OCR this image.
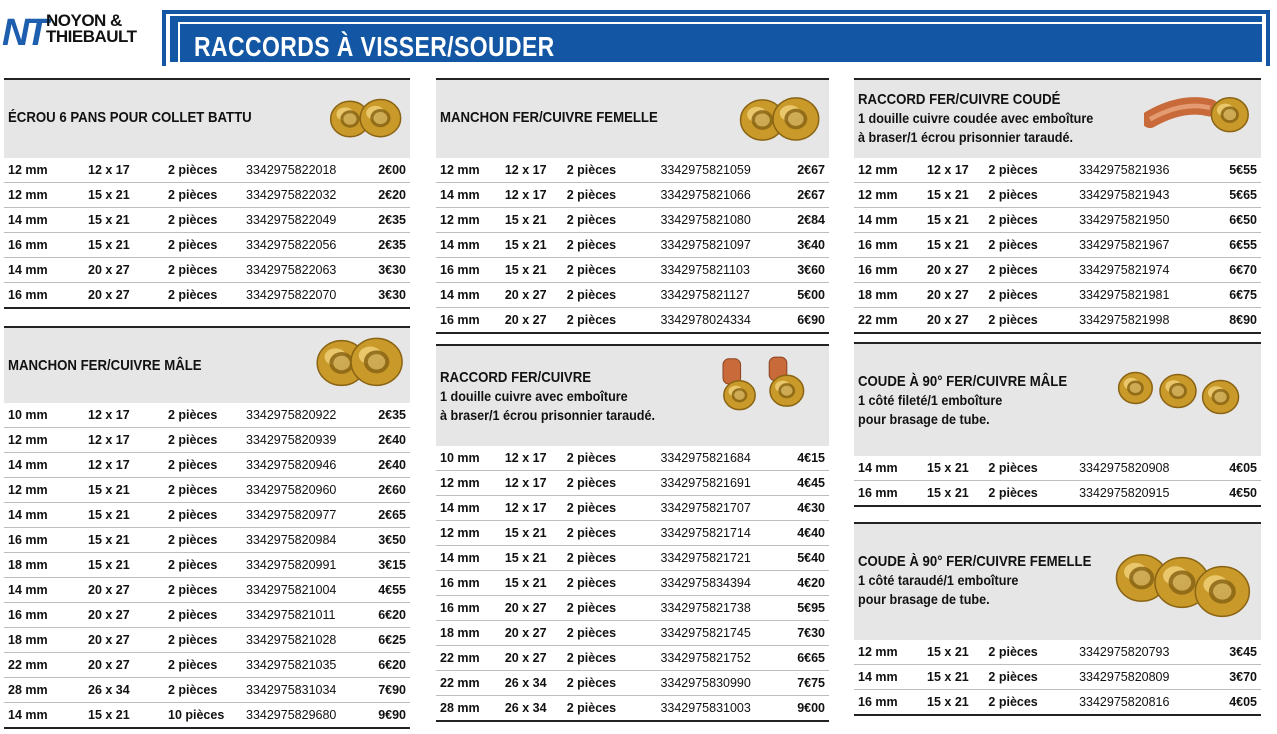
NT NOYON &
THIEBAULT RACCORDS À VISSER/SOUDER
ÉCROU 6 PANS POUR COLLET BATTU
12 mm	12 x 17	2 pièces	3342975822018	2€00
12 mm	15 x 21	2 pièces	3342975822032	2€20
14 mm	15 x 21	2 pièces	3342975822049	2€35
16 mm	15 x 21	2 pièces	3342975822056	2€35
14 mm	20 x 27	2 pièces	3342975822063	3€30
16 mm	20 x 27	2 pièces	3342975822070	3€30
MANCHON FER/CUIVRE MÂLE
10 mm	12 x 17	2 pièces	3342975820922	2€35
12 mm	12 x 17	2 pièces	3342975820939	2€40
14 mm	12 x 17	2 pièces	3342975820946	2€40
12 mm	15 x 21	2 pièces	3342975820960	2€60
14 mm	15 x 21	2 pièces	3342975820977	2€65
16 mm	15 x 21	2 pièces	3342975820984	3€50
18 mm	15 x 21	2 pièces	3342975820991	3€15
14 mm	20 x 27	2 pièces	3342975821004	4€55
16 mm	20 x 27	2 pièces	3342975821011	6€20
18 mm	20 x 27	2 pièces	3342975821028	6€25
22 mm	20 x 27	2 pièces	3342975821035	6€20
28 mm	26 x 34	2 pièces	3342975831034	7€90
14 mm	15 x 21	10 pièces	3342975829680	9€90
MANCHON FER/CUIVRE FEMELLE
12 mm	12 x 17	2 pièces	3342975821059	2€67
14 mm	12 x 17	2 pièces	3342975821066	2€67
12 mm	15 x 21	2 pièces	3342975821080	2€84
14 mm	15 x 21	2 pièces	3342975821097	3€40
16 mm	15 x 21	2 pièces	3342975821103	3€60
14 mm	20 x 27	2 pièces	3342975821127	5€00
16 mm	20 x 27	2 pièces	3342978024334	6€90
RACCORD FER/CUIVRE
1 douille cuivre avec emboîture
à braser/1 écrou prisonnier taraudé.
10 mm	12 x 17	2 pièces	3342975821684	4€15
12 mm	12 x 17	2 pièces	3342975821691	4€45
14 mm	12 x 17	2 pièces	3342975821707	4€30
12 mm	15 x 21	2 pièces	3342975821714	4€40
14 mm	15 x 21	2 pièces	3342975821721	5€40
16 mm	15 x 21	2 pièces	3342975834394	4€20
16 mm	20 x 27	2 pièces	3342975821738	5€95
18 mm	20 x 27	2 pièces	3342975821745	7€30
22 mm	20 x 27	2 pièces	3342975821752	6€65
22 mm	26 x 34	2 pièces	3342975830990	7€75
28 mm	26 x 34	2 pièces	3342975831003	9€00
RACCORD FER/CUIVRE COUDÉ
1 douille cuivre coudée avec emboîture
à braser/1 écrou prisonnier taraudé.
12 mm	12 x 17	2 pièces	3342975821936	5€55
12 mm	15 x 21	2 pièces	3342975821943	5€65
14 mm	15 x 21	2 pièces	3342975821950	6€50
16 mm	15 x 21	2 pièces	3342975821967	6€55
16 mm	20 x 27	2 pièces	3342975821974	6€70
18 mm	20 x 27	2 pièces	3342975821981	6€75
22 mm	20 x 27	2 pièces	3342975821998	8€90
COUDE À 90° FER/CUIVRE MÂLE
1 côté fileté/1 emboîture
pour brasage de tube.
14 mm	15 x 21	2 pièces	3342975820908	4€05
16 mm	15 x 21	2 pièces	3342975820915	4€50
COUDE À 90° FER/CUIVRE FEMELLE
1 côté taraudé/1 emboîture
pour brasage de tube.
12 mm	15 x 21	2 pièces	3342975820793	3€45
14 mm	15 x 21	2 pièces	3342975820809	3€70
16 mm	15 x 21	2 pièces	3342975820816	4€05
